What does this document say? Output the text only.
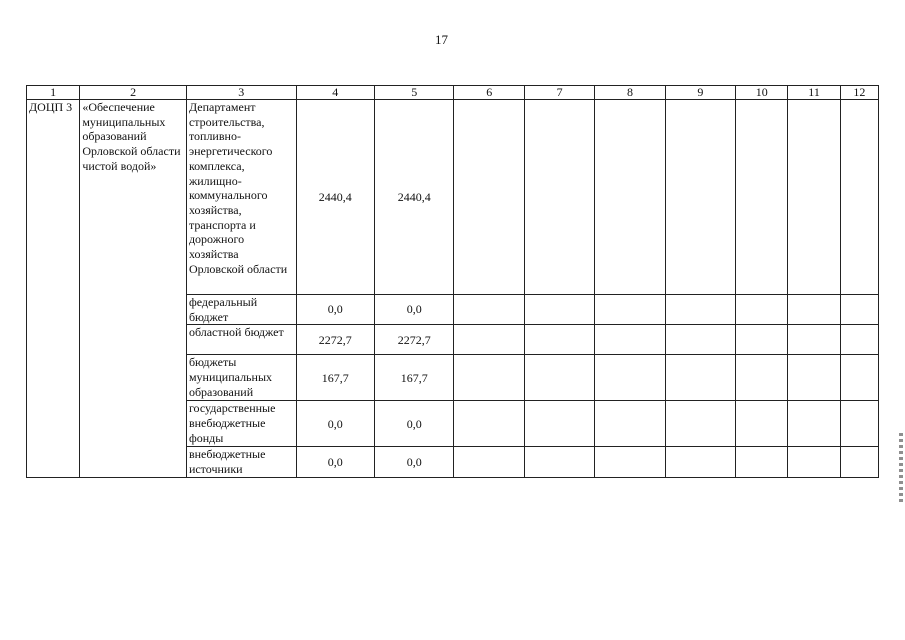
17
1	2	3	4	5	6	7	8	9	10	11	12
ДОЦП 3	«Обеспечение муниципальных образований Орловской области чистой водой»	Департамент строительства, топливно-энергетического комплекса, жилищно-коммунального хозяйства, транспорта и дорожного хозяйства Орловской области	2440,4	2440,4							
		федеральный бюджет	0,0	0,0							
		областной бюджет	2272,7	2272,7							
		бюджеты муниципальных образований	167,7	167,7							
		государственные внебюджетные фонды	0,0	0,0							
		внебюджетные источники	0,0	0,0							
